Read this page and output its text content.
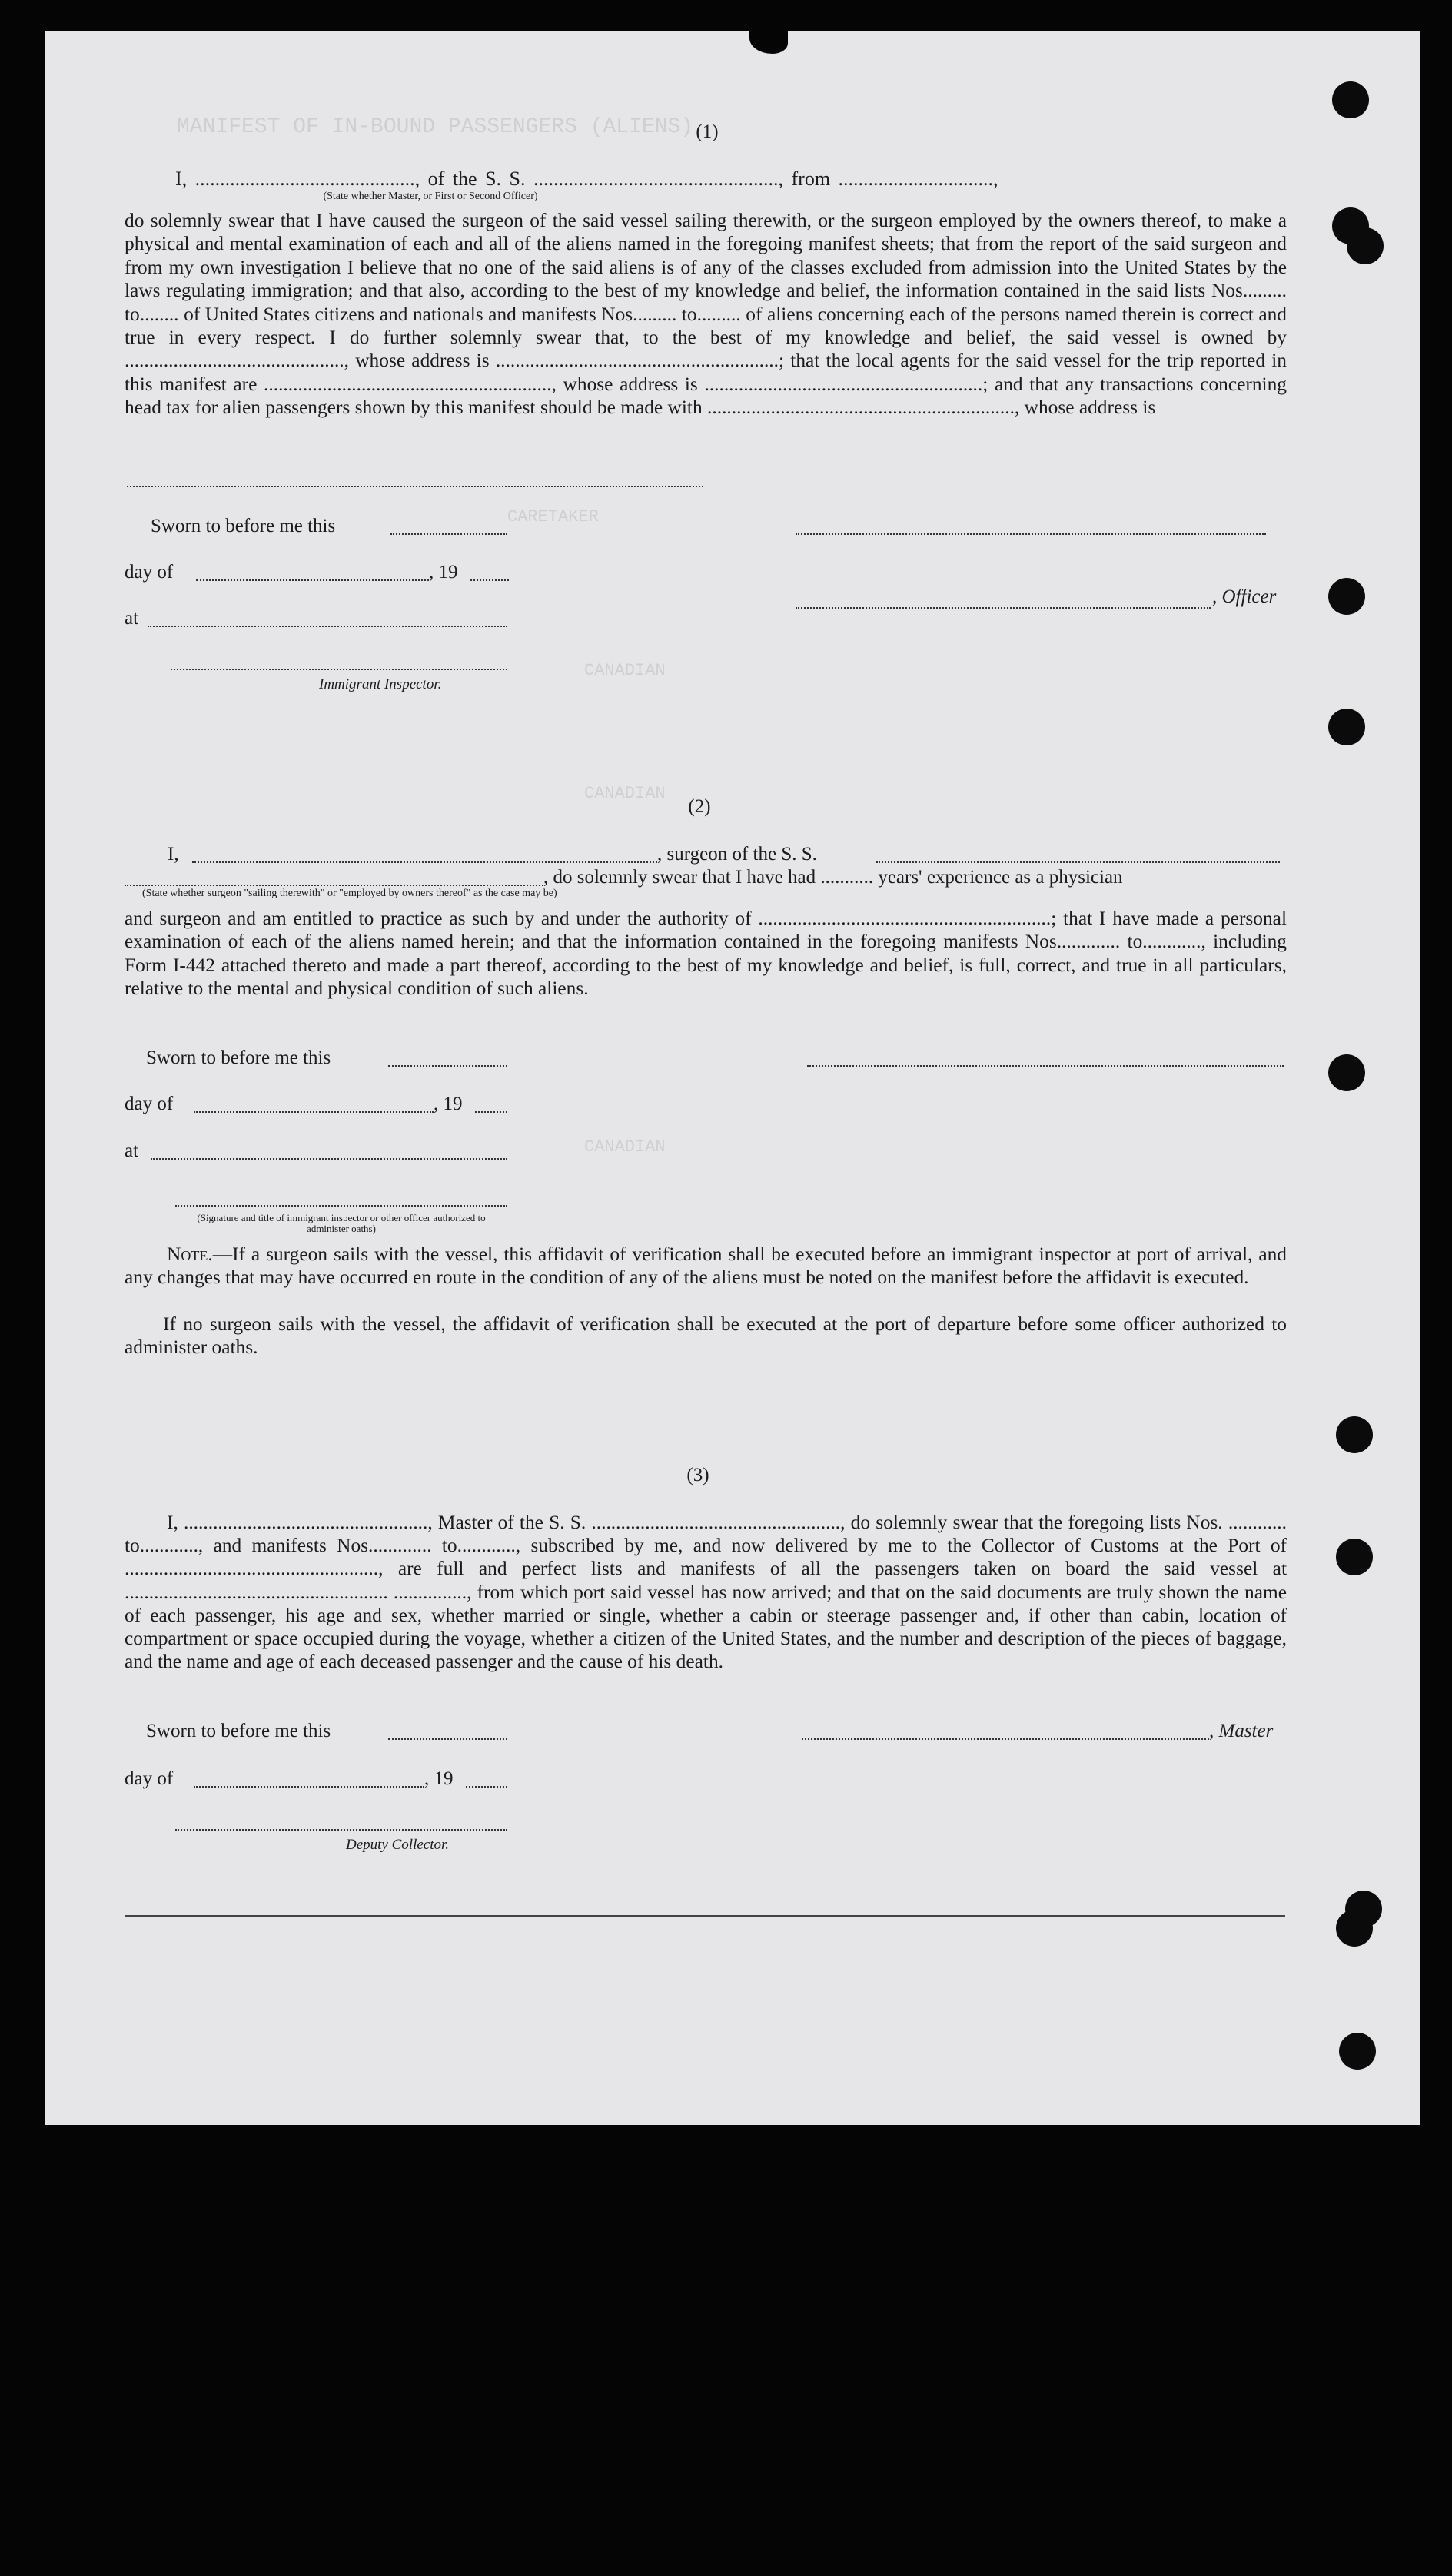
MANIFEST OF IN-BOUND PASSENGERS (ALIENS)
CARETAKER
CANADIAN
CANADIAN
CANADIAN
(1)
I, ............................................, of the S. S. ................................................., from ...............................,
(State whether Master, or First or Second Officer)
do solemnly swear that I have caused the surgeon of the said vessel sailing therewith, or the surgeon employed by the owners thereof, to make a physical and mental examination of each and all of the aliens named in the foregoing manifest sheets; that from the report of the said surgeon and from my own investigation I believe that no one of the said aliens is of any of the classes excluded from admission into the United States by the laws regulating immigration; and that also, according to the best of my knowledge and belief, the information contained in the said lists Nos......... to........ of United States citizens and nationals and manifests Nos......... to......... of aliens concerning each of the persons named therein is correct and true in every respect. I do further solemnly swear that, to the best of my knowledge and belief, the said vessel is owned by ............................................., whose address is ..........................................................; that the local agents for the said vessel for the trip reported in this manifest are ..........................................................., whose address is .........................................................; and that any transactions concerning head tax for alien passengers shown by this manifest should be made with ..............................................................., whose address is
Sworn to before me this
day of	, 19
, Officer
at
Immigrant Inspector.
(2)
I,	, surgeon of the S. S.
, do solemnly swear that I have had ........... years' experience as a physician
(State whether surgeon "sailing therewith" or "employed by owners thereof" as the case may be)
and surgeon and am entitled to practice as such by and under the authority of ............................................................; that I have made a personal examination of each of the aliens named herein; and that the information contained in the foregoing manifests Nos............. to............, including Form I-442 attached thereto and made a part thereof, according to the best of my knowledge and belief, is full, correct, and true in all particulars, relative to the mental and physical condition of such aliens.
Sworn to before me this
day of	, 19
at
(Signature and title of immigrant inspector or other officer authorized to administer oaths)
Note.—If a surgeon sails with the vessel, this affidavit of verification shall be executed before an immigrant inspector at port of arrival, and any changes that may have occurred en route in the condition of any of the aliens must be noted on the manifest before the affidavit is executed.
If no surgeon sails with the vessel, the affidavit of verification shall be executed at the port of departure before some officer authorized to administer oaths.
(3)
I, .................................................., Master of the S. S. ..................................................., do solemnly swear that the foregoing lists Nos. ............ to............, and manifests Nos............. to............, subscribed by me, and now delivered by me to the Collector of Customs at the Port of ...................................................., are full and perfect lists and manifests of all the passengers taken on board the said vessel at ...................................................... ..............., from which port said vessel has now arrived; and that on the said documents are truly shown the name of each passenger, his age and sex, whether married or single, whether a cabin or steerage passenger and, if other than cabin, location of compartment or space occupied during the voyage, whether a citizen of the United States, and the number and description of the pieces of baggage, and the name and age of each deceased passenger and the cause of his death.
Sworn to before me this	, Master
day of	, 19
Deputy Collector.
